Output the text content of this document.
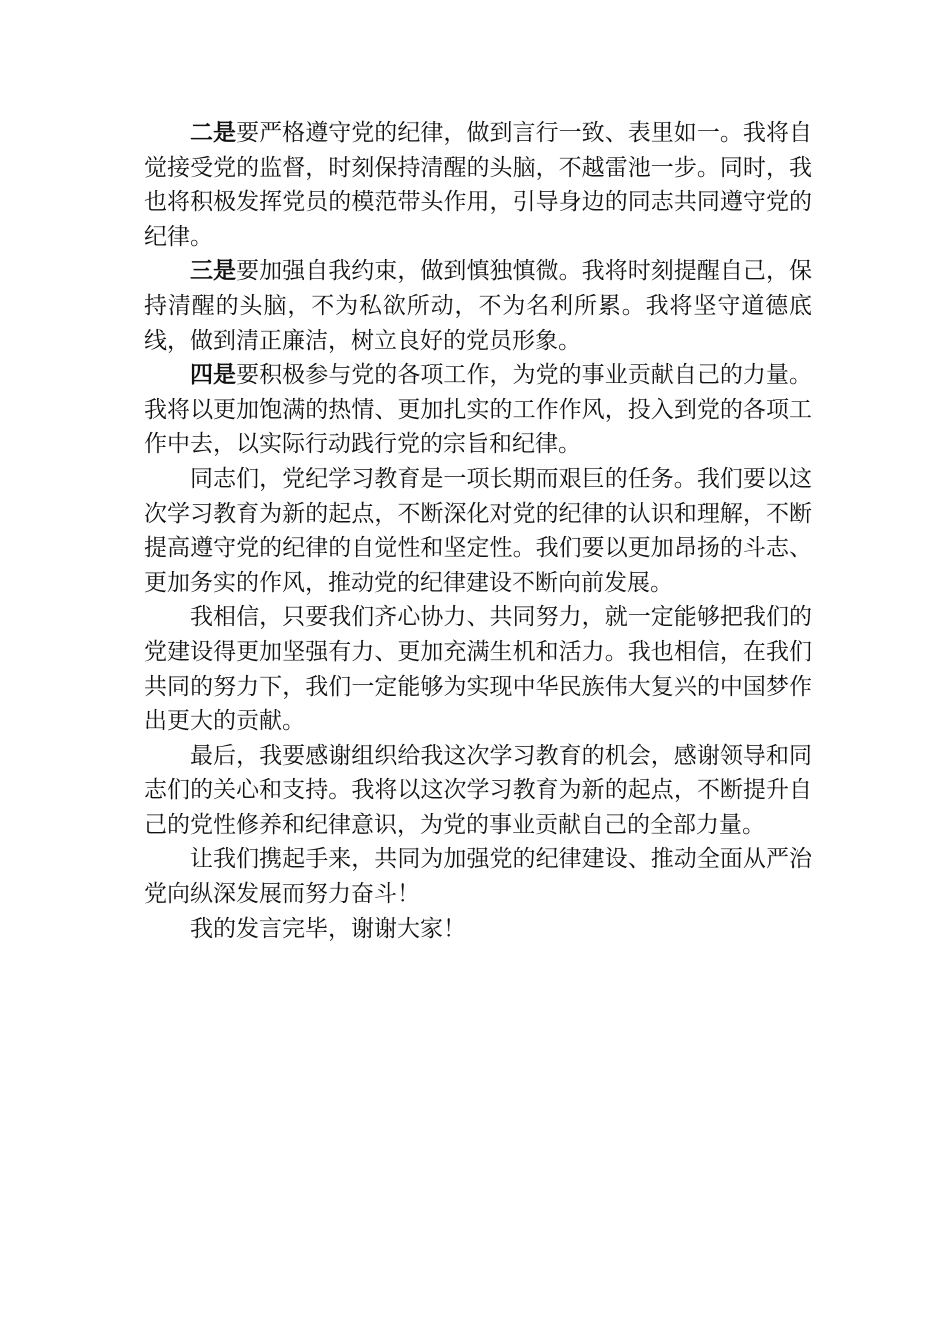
二是要严格遵守党的纪律，做到言行一致、表里如一。我将自觉接受党的监督，时刻保持清醒的头脑，不越雷池一步。同时，我也将积极发挥党员的模范带头作用，引导身边的同志共同遵守党的纪律。

三是要加强自我约束，做到慎独慎微。我将时刻提醒自己，保持清醒的头脑，不为私欲所动，不为名利所累。我将坚守道德底线，做到清正廉洁，树立良好的党员形象。

四是要积极参与党的各项工作，为党的事业贡献自己的力量。我将以更加饱满的热情、更加扎实的工作作风，投入到党的各项工作中去，以实际行动践行党的宗旨和纪律。

同志们，党纪学习教育是一项长期而艰巨的任务。我们要以这次学习教育为新的起点，不断深化对党的纪律的认识和理解，不断提高遵守党的纪律的自觉性和坚定性。我们要以更加昂扬的斗志、更加务实的作风，推动党的纪律建设不断向前发展。

我相信，只要我们齐心协力、共同努力，就一定能够把我们的党建设得更加坚强有力、更加充满生机和活力。我也相信，在我们共同的努力下，我们一定能够为实现中华民族伟大复兴的中国梦作出更大的贡献。

最后，我要感谢组织给我这次学习教育的机会，感谢领导和同志们的关心和支持。我将以这次学习教育为新的起点，不断提升自己的党性修养和纪律意识，为党的事业贡献自己的全部力量。

让我们携起手来，共同为加强党的纪律建设、推动全面从严治党向纵深发展而努力奋斗！

我的发言完毕，谢谢大家！
